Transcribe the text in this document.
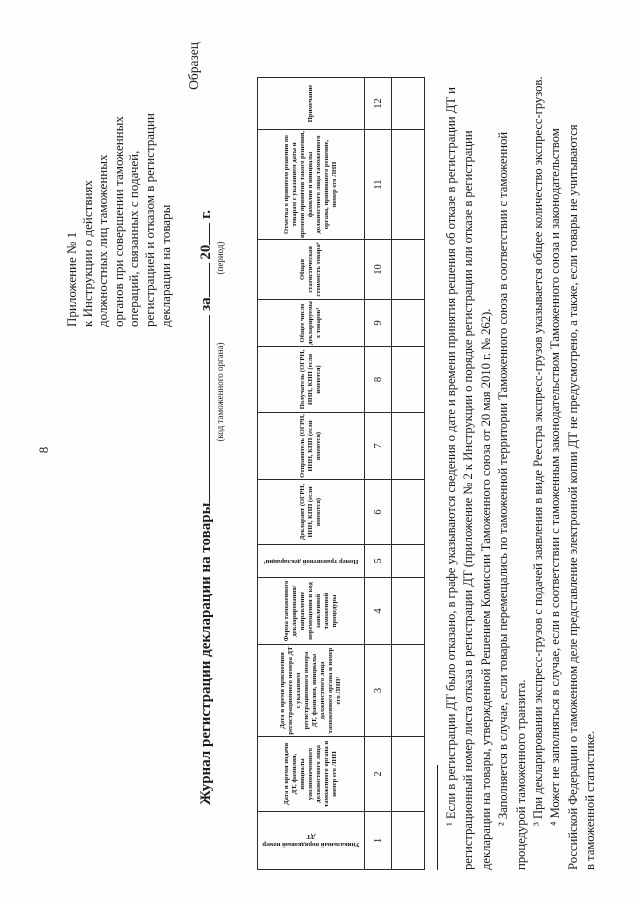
8
Приложение № 1 к Инструкции о действиях должностных лиц таможенных органов при совершении таможенных операций, связанных с подачей, регистрацией и отказом в регистрации декларации на товары
Образец
Журнал регистрации декларации на товары за 20 г.
(код таможенного органа)
(период)
Уникальный порядковый номер ДТ	Дата и время подачи ДТ, фамилия, инициалы уполномоченного должностного лица таможенного органа и номер его ЛНП	Дата и время присвоения регистрационного номера ДТ с указанием регистрационного номера ДТ, фамилия, инициалы должностного лица таможенного органа и номер его ЛНП¹	Форма таможенного декларирования/ направление перемещения и код заявленной таможенной процедуры	Номер транзитной декларации²	Декларант (ОГРН, ИНН, КПП (если имеются)	Отправитель (ОГРН, ИНН, КПП (если имеются)	Получатель (ОГРН, ИНН, КПП (если имеются)	Общее число декларируемых товаров³	Общая статистическая стоимость товара⁴	Отметка о принятом решении по товарам с указанием даты и времени принятия такого решения, фамилия и инициалы должностного лица таможенного органа, принявшего решение, номер его ЛНП	Примечание

1	2	3	4	5	6	7	8	9	10	11	12
												¹ Если в регистрации ДТ было отказано, в графе указываются сведения о дате и времени принятия решения об отказе в регистрации ДТ и регистрационный номер листа отказа в регистрации ДТ (приложение № 2 к Инструкции о порядке регистрации или отказе в регистрации декларации на товары, утвержденной Решением Комиссии Таможенного союза от 20 мая 2010 г. № 262). ² Заполняется в случае, если товары перемещались по таможенной территории Таможенного союза в соответствии с таможенной процедурой таможенного транзита. ³ При декларировании экспресс-грузов с подачей заявления в виде Реестра экспресс-грузов указывается общее количество экспресс-грузов. ⁴ Может не заполняться в случае, если в соответствии с таможенным законодательством Таможенного союза и законодательством Российской Федерации о таможенном деле представление электронной копии ДТ не предусмотрено, а также, если товары не учитываются в таможенной статистике.
